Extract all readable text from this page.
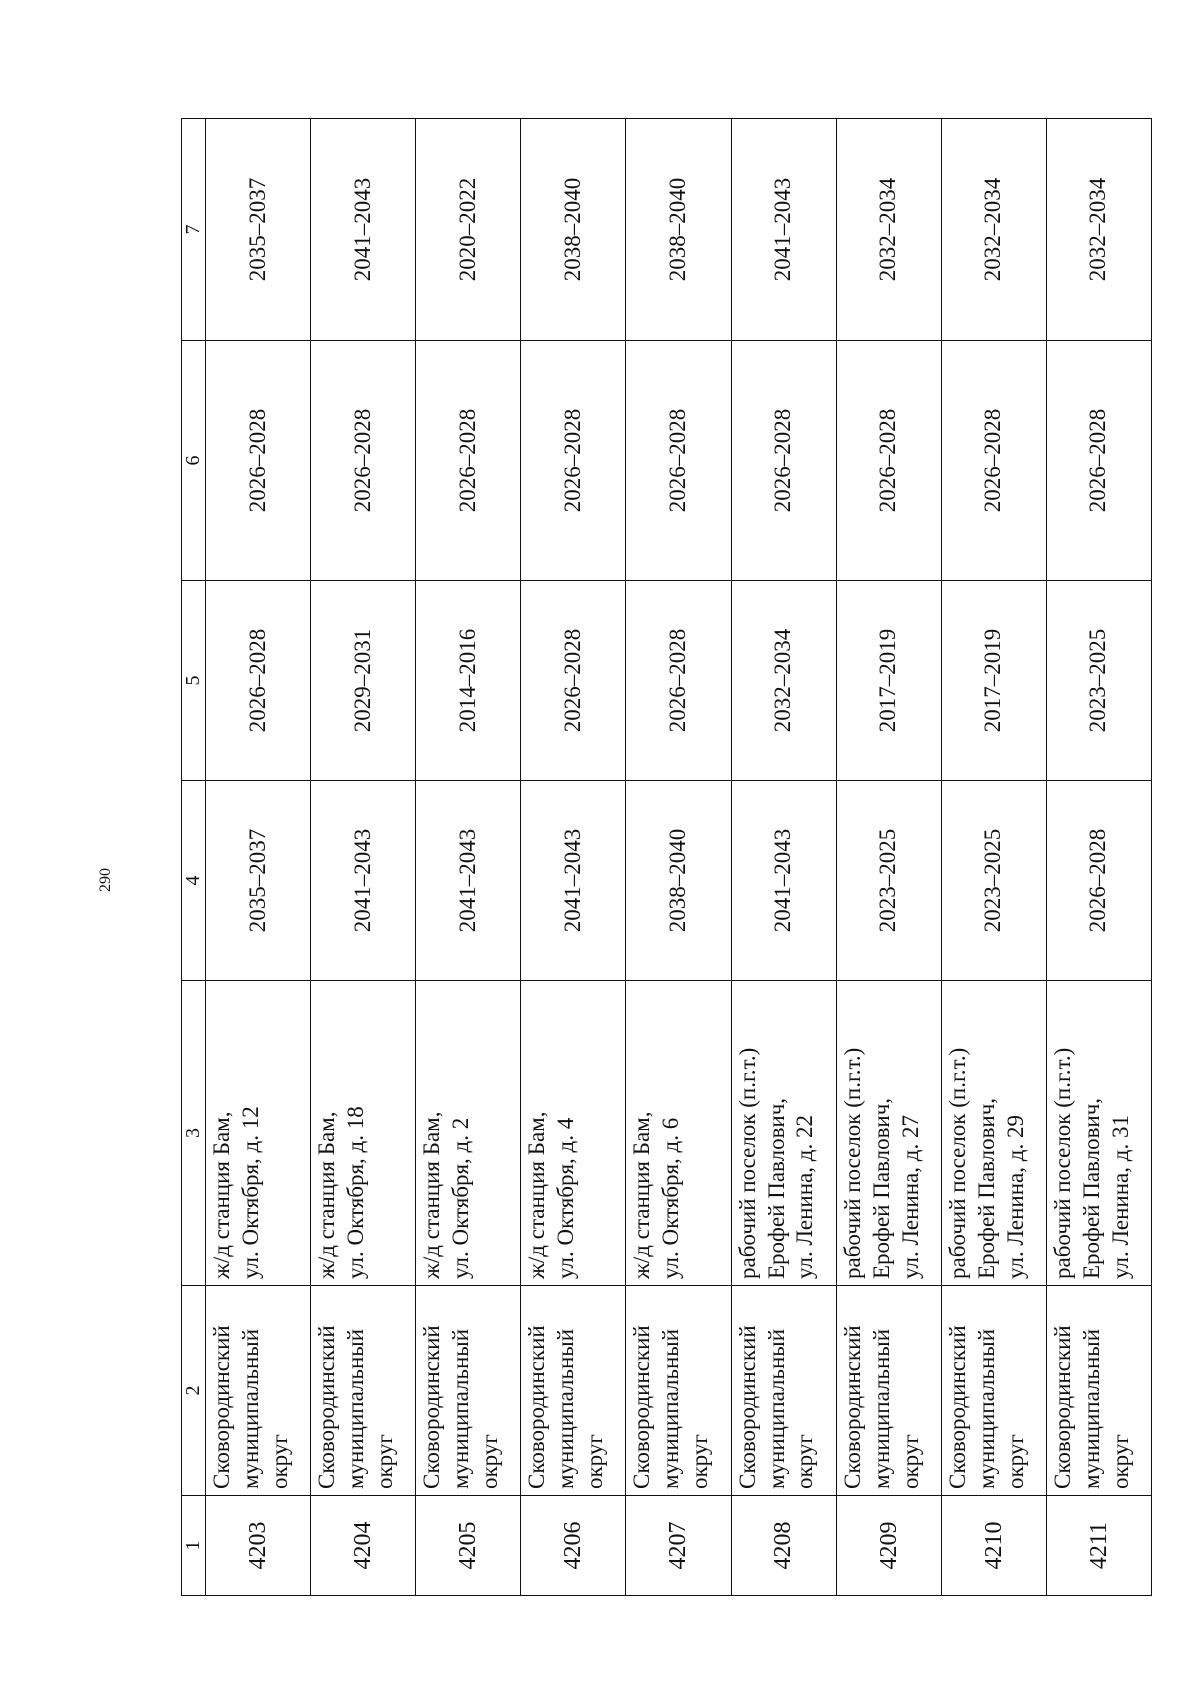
290
1	2	3	4	5	6	7
4203	Сковородинский муниципальный округ	ж/д станция Бам, ул. Октября, д. 12	2035–2037	2026–2028	2026–2028	2035–2037
4204	Сковородинский муниципальный округ	ж/д станция Бам, ул. Октября, д. 18	2041–2043	2029–2031	2026–2028	2041–2043
4205	Сковородинский муниципальный округ	ж/д станция Бам, ул. Октября, д. 2	2041–2043	2014–2016	2026–2028	2020–2022
4206	Сковородинский муниципальный округ	ж/д станция Бам, ул. Октября, д. 4	2041–2043	2026–2028	2026–2028	2038–2040
4207	Сковородинский муниципальный округ	ж/д станция Бам, ул. Октября, д. 6	2038–2040	2026–2028	2026–2028	2038–2040
4208	Сковородинский муниципальный округ	рабочий поселок (п.г.т.) Ерофей Павлович, ул. Ленина, д. 22	2041–2043	2032–2034	2026–2028	2041–2043
4209	Сковородинский муниципальный округ	рабочий поселок (п.г.т.) Ерофей Павлович, ул. Ленина, д. 27	2023–2025	2017–2019	2026–2028	2032–2034
4210	Сковородинский муниципальный округ	рабочий поселок (п.г.т.) Ерофей Павлович, ул. Ленина, д. 29	2023–2025	2017–2019	2026–2028	2032–2034
4211	Сковородинский муниципальный округ	рабочий поселок (п.г.т.) Ерофей Павлович, ул. Ленина, д. 31	2026–2028	2023–2025	2026–2028	2032–2034
